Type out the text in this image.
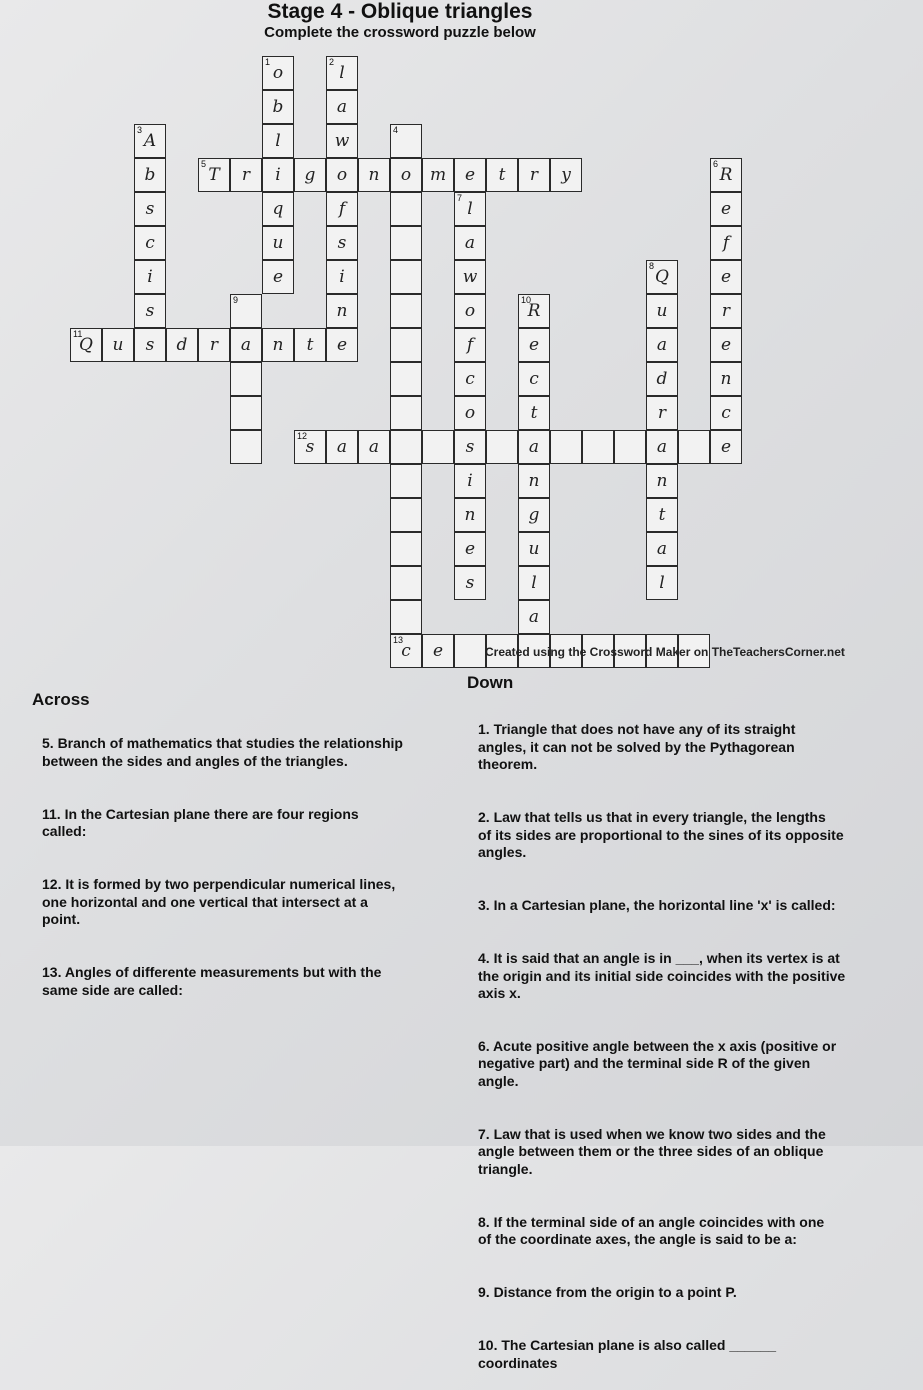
Stage 4 - Oblique triangles
Complete the crossword puzzle below
1
o
b
l
i
q
u
e
2
l
a
w
o
f
s
i
n
e
3
A
b
s
c
i
s
s
4
o
13
c
5
T	r	g	n	m	e	t	r	y
6
R
e
f
e
r
e
n
c
e
7
l
a
w
o
f
c
o
s
i
n
e
s
8
Q
u
a
d
r
a
n
t
a
l
9
a
10
R
e
c
t
a
n
g
u
l
a
11
Q	u	d	r	n	t
12
s	a	a
e	Created using the Crossword Maker on TheTeachersCorner.net
Across
Down

5. Branch of mathematics that studies the relationship
between the sides and angles of the triangles.

11. In the Cartesian plane there are four regions
called:

12. It is formed by two perpendicular numerical lines,
one horizontal and one vertical that intersect at a
point.

13. Angles of differente measurements but with the
same side are called:

1. Triangle that does not have any of its straight
angles, it can not be solved by the Pythagorean
theorem.

2. Law that tells us that in every triangle, the lengths
of its sides are proportional to the sines of its opposite
angles.

3. In a Cartesian plane, the horizontal line 'x' is called:

4. It is said that an angle is in ___, when its vertex is at
the origin and its initial side coincides with the positive
axis x.

6. Acute positive angle between the x axis (positive or
negative part) and the terminal side R of the given
angle.

7. Law that is used when we know two sides and the
angle between them or the three sides of an oblique
triangle.

8. If the terminal side of an angle coincides with one
of the coordinate axes, the angle is said to be a:

9. Distance from the origin to a point P.

10. The Cartesian plane is also called ______
coordinates
